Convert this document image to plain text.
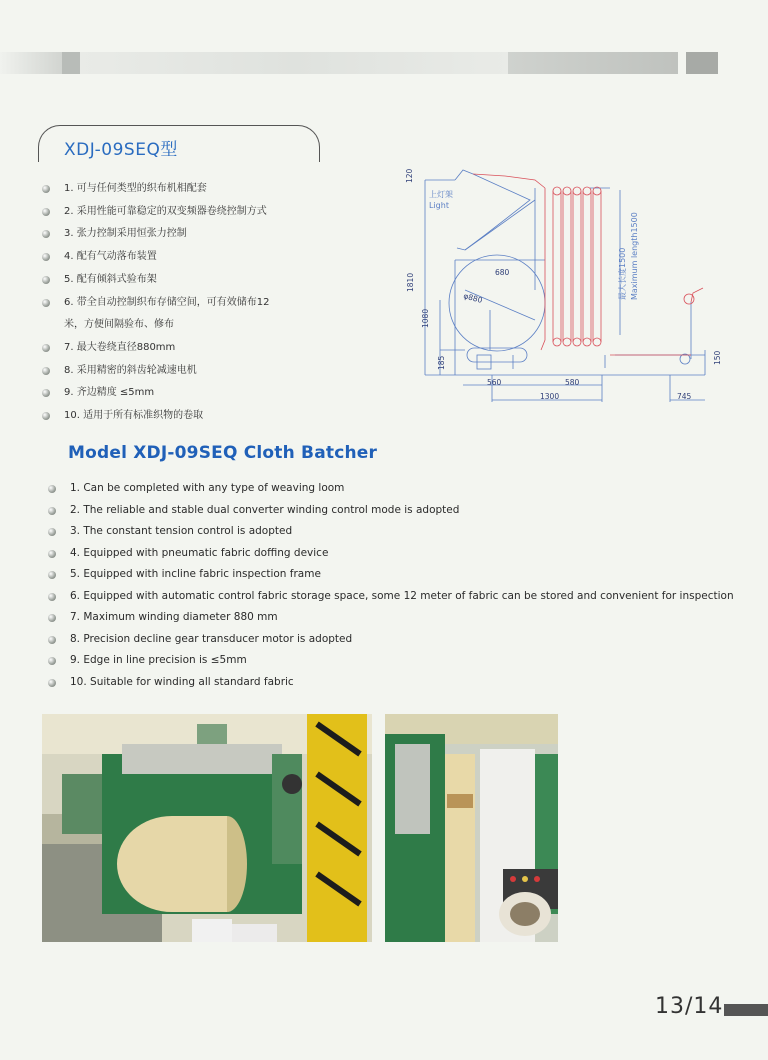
XDJ-09SEQ型
1. 可与任何类型的织布机相配套
2. 采用性能可靠稳定的双变频器卷绕控制方式
3. 张力控制采用恒张力控制
4. 配有气动落布装置
5. 配有倾斜式验布架
6. 带全自动控制织布存储空间，可有效储布12
米，方便间隔验布、修布
7. 最大卷绕直径880mm
8. 采用精密的斜齿轮减速电机
9. 齐边精度 ≤5mm
10. 适用于所有标准织物的卷取
120
1810
1080
185
680
φ880
560	580
1300	745
150
上灯架
Light
最大长度1500 Maximum length1500
Model XDJ-09SEQ Cloth Batcher
1. Can be completed with any type of weaving loom
2. The reliable and stable dual converter winding control mode is adopted
3. The constant tension control is adopted
4. Equipped with pneumatic fabric doffing device
5. Equipped with incline fabric inspection frame
6. Equipped with automatic control fabric storage space, some 12 meter of fabric can be stored and convenient for inspection
7. Maximum winding diameter 880 mm
8. Precision decline gear transducer motor is adopted
9. Edge in line precision is ≤5mm
10. Suitable for winding all standard fabric
13/14
